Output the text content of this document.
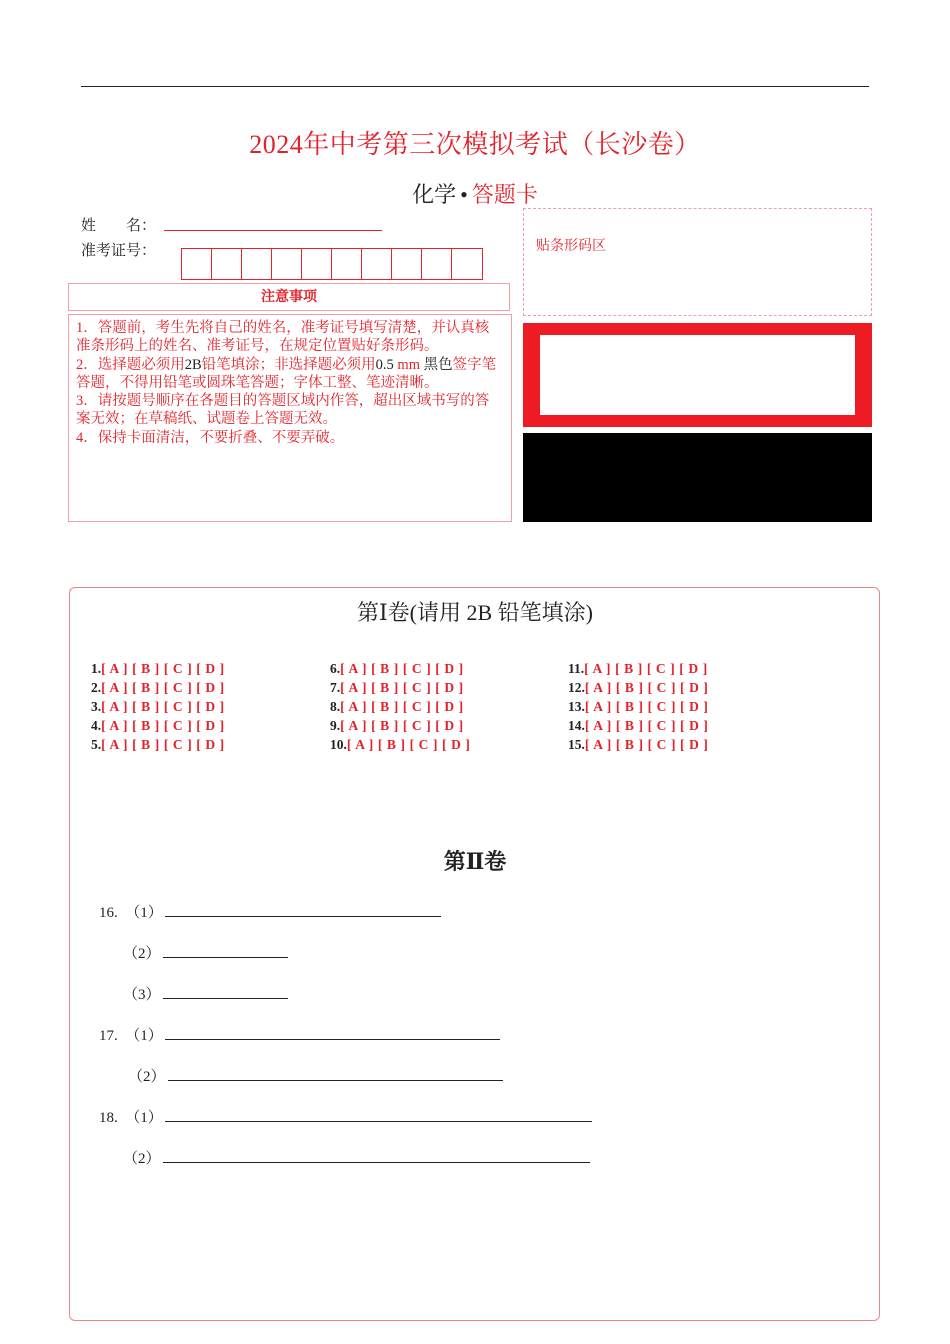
2024年中考第三次模拟考试（长沙卷）
化学 • 答题卡
姓　　名：
准考证号：
注意事项

1．答题前，考生先将自己的姓名，准考证号填写清楚，并认真核准条形码上的姓名、准考证号，在规定位置贴好条形码。

2．选择题必须用2B铅笔填涂；非选择题必须用0.5 mm 黑色签字笔答题，不得用铅笔或圆珠笔答题；字体工整、笔迹清晰。

3．请按题号顺序在各题目的答题区域内作答，超出区域书写的答案无效；在草稿纸、试题卷上答题无效。

4．保持卡面清洁，不要折叠、不要弄破。

贴条形码区
第Ⅰ卷(请用 2B 铅笔填涂)
1.[ A ] [ B ] [ C ] [ D ]
2.[ A ] [ B ] [ C ] [ D ]
3.[ A ] [ B ] [ C ] [ D ]
4.[ A ] [ B ] [ C ] [ D ]
5.[ A ] [ B ] [ C ] [ D ]
6.[ A ] [ B ] [ C ] [ D ]
7.[ A ] [ B ] [ C ] [ D ]
8.[ A ] [ B ] [ C ] [ D ]
9.[ A ] [ B ] [ C ] [ D ]
10.[ A ] [ B ] [ C ] [ D ]
11.[ A ] [ B ] [ C ] [ D ]
12.[ A ] [ B ] [ C ] [ D ]
13.[ A ] [ B ] [ C ] [ D ]
14.[ A ] [ B ] [ C ] [ D ]
15.[ A ] [ B ] [ C ] [ D ]
第Ⅱ卷
16. （1）
（2）
（3）
17. （1）
（2）
18. （1）
（2）
